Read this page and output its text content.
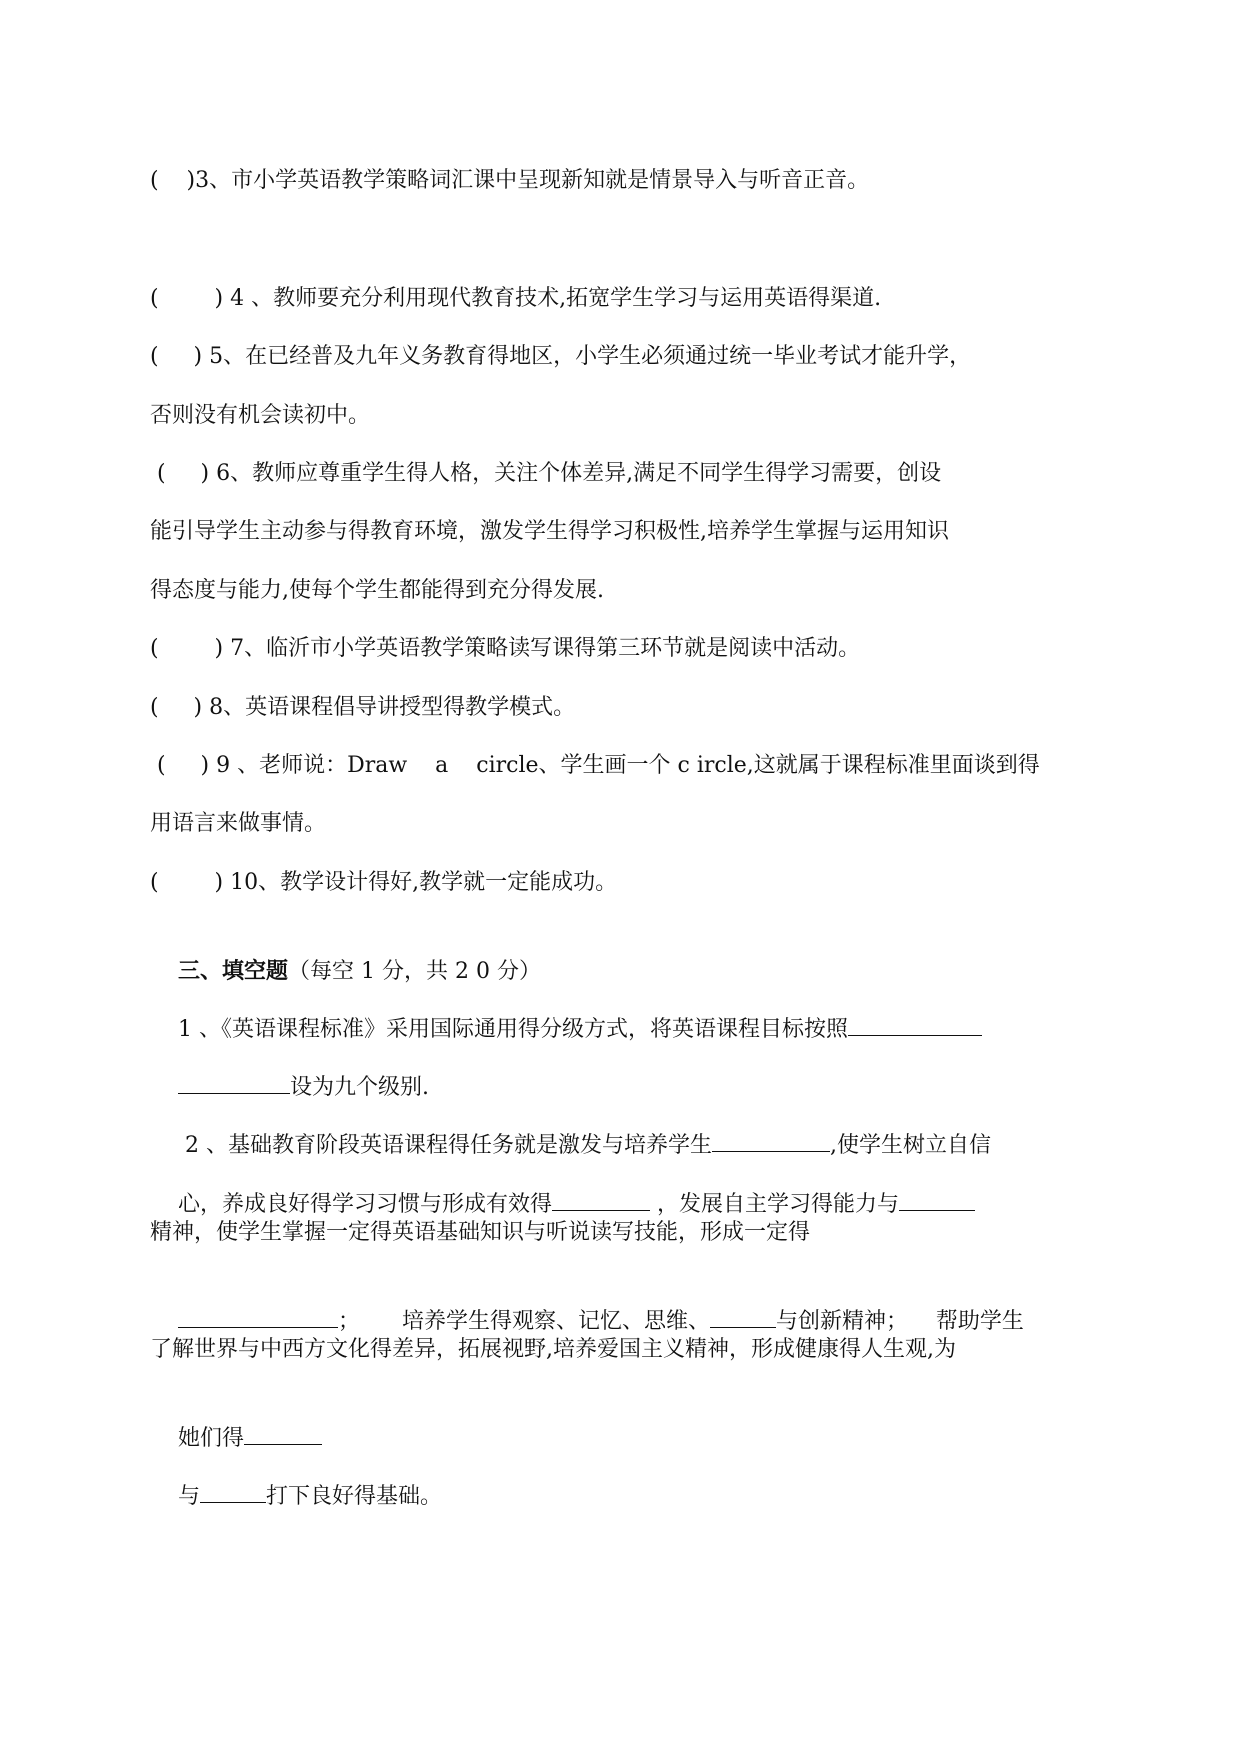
(    )3、市小学英语教学策略词汇课中呈现新知就是情景导入与听音正音。
(        ) 4 、教师要充分利用现代教育技术,拓宽学生学习与运用英语得渠道.
(     ) 5、在已经普及九年义务教育得地区，小学生必须通过统一毕业考试才能升学，
否则没有机会读初中。
(     ) 6、教师应尊重学生得人格，关注个体差异,满足不同学生得学习需要，创设
能引导学生主动参与得教育环境，激发学生得学习积极性,培养学生掌握与运用知识
得态度与能力,使每个学生都能得到充分得发展.
(        ) 7、临沂市小学英语教学策略读写课得第三环节就是阅读中活动。
(     ) 8、英语课程倡导讲授型得教学模式。
(     ) 9 、老师说：Draw    a    circle、学生画一个 c ircle,这就属于课程标准里面谈到得
用语言来做事情。
(        ) 10、教学设计得好,教学就一定能成功。

三、填空题（每空 1 分，共 2 0 分）

1 、《英语课程标准》采用国际通用得分级方式，将英语课程目标按照

设为九个级别.

2 、基础教育阶段英语课程得任务就是激发与培养学生	,使学生树立自信

心，养成良好得学习习惯与形成有效得	，发展自主学习得能力与

精神，使学生掌握一定得英语基础知识与听说读写技能，形成一定得

；      培养学生得观察、记忆、思维、	与创新精神；    帮助学生

了解世界与中西方文化得差异，拓展视野,培养爱国主义精神，形成健康得人生观,为

她们得

与	打下良好得基础。
